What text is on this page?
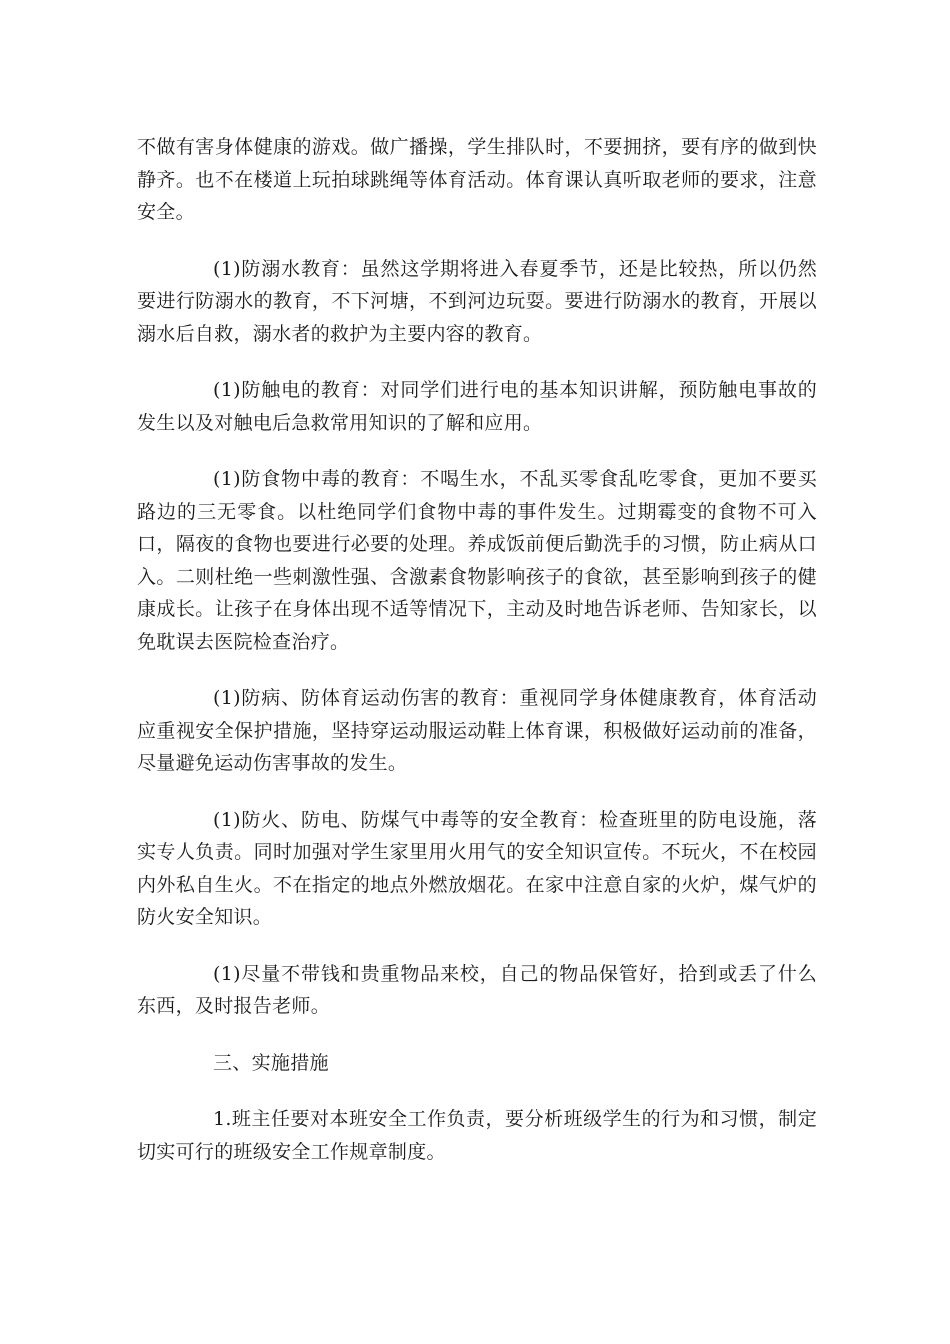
不做有害身体健康的游戏。做广播操，学生排队时，不要拥挤，要有序的做到快静齐。也不在楼道上玩拍球跳绳等体育活动。体育课认真听取老师的要求，注意安全。

(1)防溺水教育：虽然这学期将进入春夏季节，还是比较热，所以仍然要进行防溺水的教育，不下河塘，不到河边玩耍。要进行防溺水的教育，开展以溺水后自救，溺水者的救护为主要内容的教育。

(1)防触电的教育：对同学们进行电的基本知识讲解，预防触电事故的发生以及对触电后急救常用知识的了解和应用。

(1)防食物中毒的教育：不喝生水，不乱买零食乱吃零食，更加不要买路边的三无零食。以杜绝同学们食物中毒的事件发生。过期霉变的食物不可入口，隔夜的食物也要进行必要的处理。养成饭前便后勤洗手的习惯，防止病从口入。二则杜绝一些刺激性强、含激素食物影响孩子的食欲，甚至影响到孩子的健康成长。让孩子在身体出现不适等情况下，主动及时地告诉老师、告知家长，以免耽误去医院检查治疗。

(1)防病、防体育运动伤害的教育：重视同学身体健康教育，体育活动应重视安全保护措施，坚持穿运动服运动鞋上体育课，积极做好运动前的准备，尽量避免运动伤害事故的发生。

(1)防火、防电、防煤气中毒等的安全教育：检查班里的防电设施，落实专人负责。同时加强对学生家里用火用气的安全知识宣传。不玩火，不在校园内外私自生火。不在指定的地点外燃放烟花。在家中注意自家的火炉，煤气炉的防火安全知识。

(1)尽量不带钱和贵重物品来校，自己的物品保管好，拾到或丢了什么东西，及时报告老师。

三、实施措施

1.班主任要对本班安全工作负责，要分析班级学生的行为和习惯，制定切实可行的班级安全工作规章制度。
